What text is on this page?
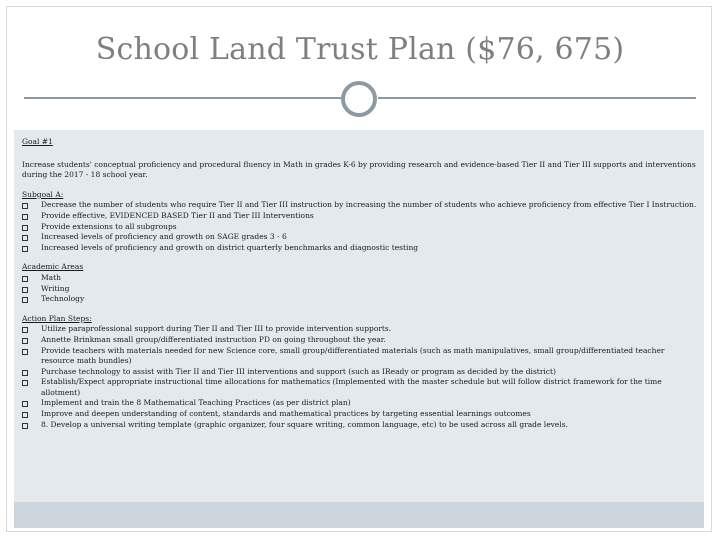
School Land Trust Plan ($76, 675)

Goal #1

Increase students' conceptual proficiency and procedural fluency in Math in grades K-6 by providing research and evidence-based Tier II and Tier III supports and interventions during the 2017 - 18 school year.

Subgoal A:

Decrease the number of students who require Tier II and Tier III instruction by increasing the number of students who achieve proficiency from effective Tier I Instruction.
Provide effective, EVIDENCED BASED Tier II and Tier III Interventions
Provide extensions to all subgroups
Increased levels of proficiency and growth on SAGE grades 3 - 6
Increased levels of proficiency and growth on district quarterly benchmarks and diagnostic testing

Academic Areas

Math
Writing
Technology

Action Plan Steps:

Utilize paraprofessional support during Tier II and Tier III to provide intervention supports.
Annette Brinkman small group/differentiated instruction PD on going throughout the year.
Provide teachers with materials needed for new Science core, small group/differentiated materials (such as math manipulatives, small group/differentiated teacher resource math bundles)
Purchase technology to assist with Tier II and Tier III interventions and support (such as IReady or program as decided by the district)
Establish/Expect appropriate instructional time allocations for mathematics (Implemented with the master schedule but will follow district framework for the time allotment)
Implement and train the 8 Mathematical Teaching Practices (as per district plan)
Improve and deepen understanding of content, standards and mathematical practices by targeting essential learnings outcomes
8. Develop a universal writing template (graphic organizer, four square writing, common language, etc) to be used across all grade levels.
